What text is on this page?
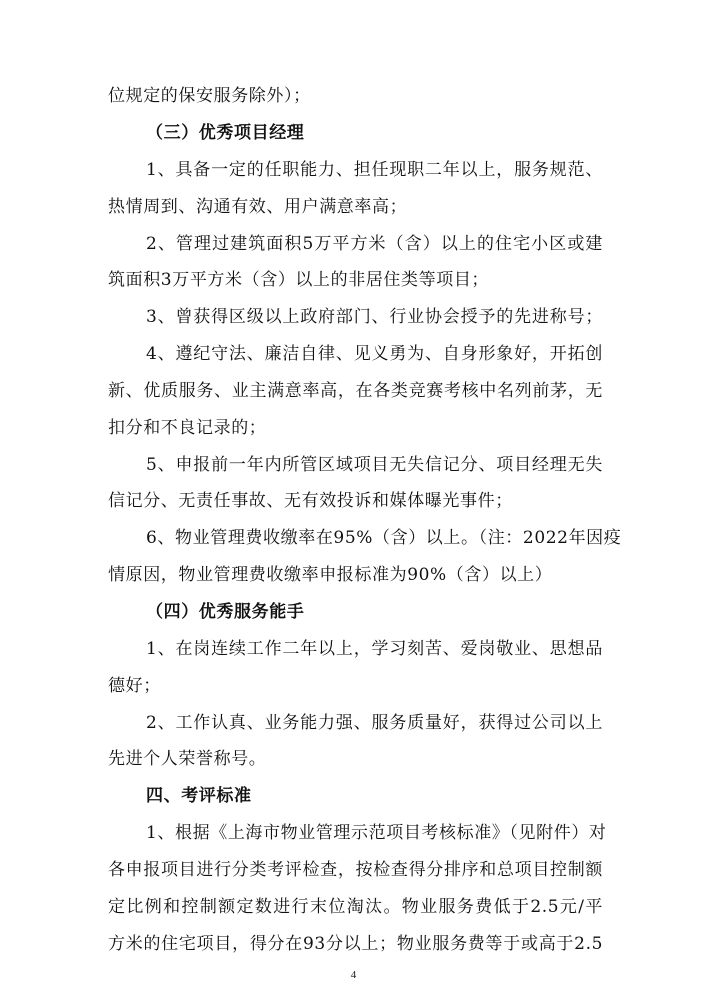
位规定的保安服务除外）；
（三）优秀项目经理
1、具备一定的任职能力、担任现职二年以上，服务规范、
热情周到、沟通有效、用户满意率高；
2、管理过建筑面积5万平方米（含）以上的住宅小区或建
筑面积3万平方米（含）以上的非居住类等项目；
3、曾获得区级以上政府部门、行业协会授予的先进称号；
4、遵纪守法、廉洁自律、见义勇为、自身形象好，开拓创
新、优质服务、业主满意率高，在各类竞赛考核中名列前茅，无
扣分和不良记录的；
5、申报前一年内所管区域项目无失信记分、项目经理无失
信记分、无责任事故、无有效投诉和媒体曝光事件；
6、物业管理费收缴率在95%（含）以上。（注：2022年因疫
情原因，物业管理费收缴率申报标准为90%（含）以上）
（四）优秀服务能手
1、在岗连续工作二年以上，学习刻苦、爱岗敬业、思想品
德好；
2、工作认真、业务能力强、服务质量好，获得过公司以上
先进个人荣誉称号。
四、考评标准
1、根据《上海市物业管理示范项目考核标准》（见附件）对
各申报项目进行分类考评检查，按检查得分排序和总项目控制额
定比例和控制额定数进行末位淘汰。物业服务费低于2.5元/平
方米的住宅项目，得分在93分以上；物业服务费等于或高于2.5
4
